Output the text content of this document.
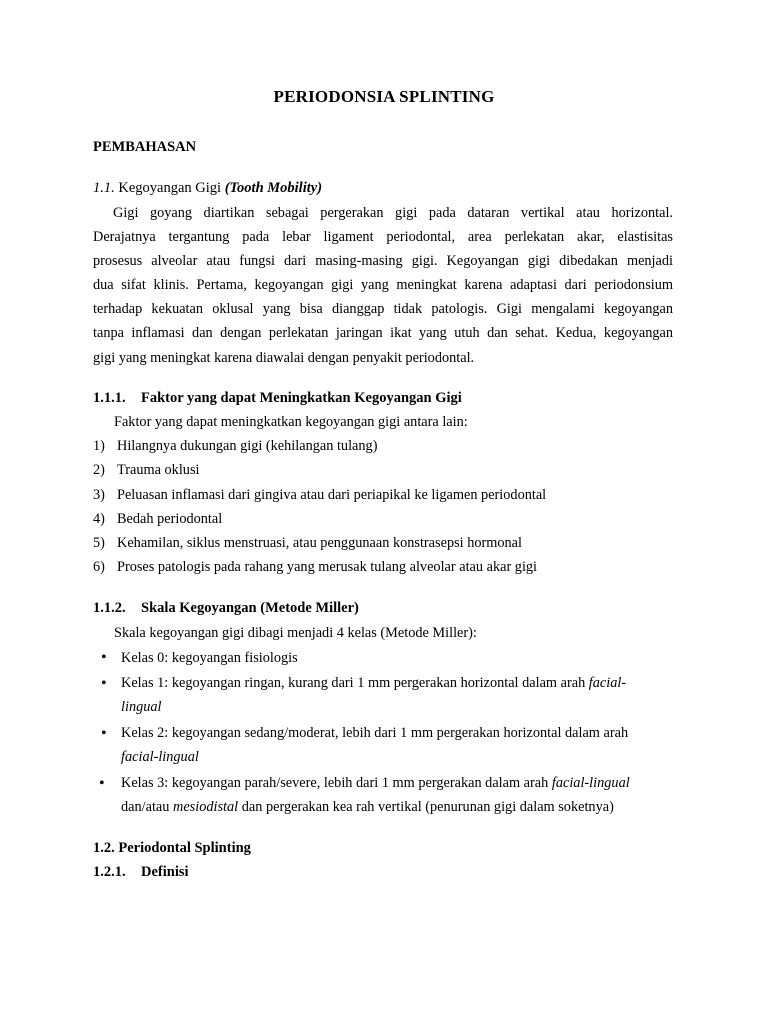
PERIODONSIA SPLINTING
PEMBAHASAN
1.1. Kegoyangan Gigi (Tooth Mobility)
Gigi goyang diartikan sebagai pergerakan gigi pada dataran vertikal atau horizontal.
Derajatnya tergantung pada lebar ligament periodontal, area perlekatan akar, elastisitas
prosesus alveolar atau fungsi dari masing-masing gigi. Kegoyangan gigi dibedakan menjadi
dua sifat klinis. Pertama, kegoyangan gigi yang meningkat karena adaptasi dari periodonsium
terhadap kekuatan oklusal yang bisa dianggap tidak patologis. Gigi mengalami kegoyangan
tanpa inflamasi dan dengan perlekatan jaringan ikat yang utuh dan sehat. Kedua, kegoyangan
gigi yang meningkat karena diawalai dengan penyakit periodontal.
1.1.1. Faktor yang dapat Meningkatkan Kegoyangan Gigi
Faktor yang dapat meningkatkan kegoyangan gigi antara lain:
1) Hilangnya dukungan gigi (kehilangan tulang)
2) Trauma oklusi
3) Peluasan inflamasi dari gingiva atau dari periapikal ke ligamen periodontal
4) Bedah periodontal
5) Kehamilan, siklus menstruasi, atau penggunaan konstrasepsi hormonal
6) Proses patologis pada rahang yang merusak tulang alveolar atau akar gigi
1.1.2. Skala Kegoyangan (Metode Miller)
Skala kegoyangan gigi dibagi menjadi 4 kelas (Metode Miller):
• Kelas 0: kegoyangan fisiologis
• Kelas 1: kegoyangan ringan, kurang dari 1 mm pergerakan horizontal dalam arah facial-
lingual
• Kelas 2: kegoyangan sedang/moderat, lebih dari 1 mm pergerakan horizontal dalam arah
facial-lingual
• Kelas 3: kegoyangan parah/severe, lebih dari 1 mm pergerakan dalam arah facial-lingual
dan/atau mesiodistal dan pergerakan kea rah vertikal (penurunan gigi dalam soketnya)
1.2. Periodontal Splinting
1.2.1. Definisi
